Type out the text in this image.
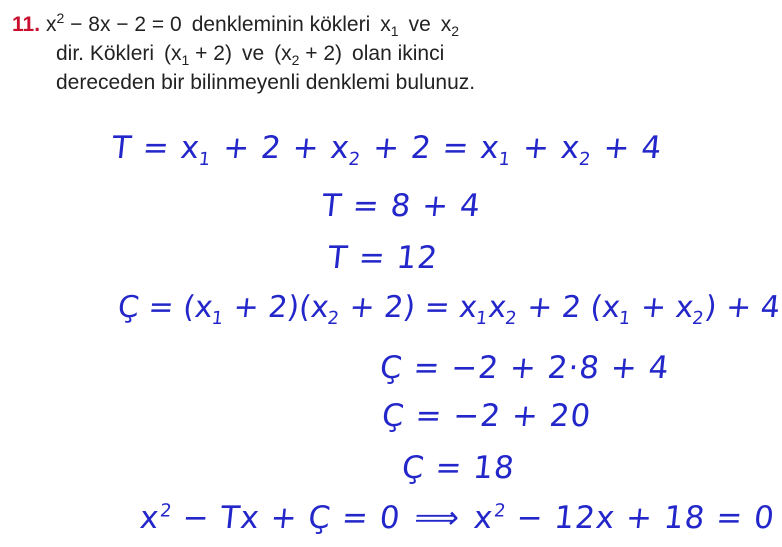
11. $x^2 - 8x - 2 = 0$ denkleminin kökleri $x_1$ ve $x_2$
dir. Kökleri $(x_1 + 2)$ ve $(x_2 + 2)$ olan ikinci
dereceden bir bilinmeyenli denklemi bulunuz.
$T = x_1 + 2 + x_2 + 2 = x_1 + x_2 + 4$
T = 8 + 4
T = 12
Ç = $(x_1 + 2)(x_2 + 2) = x_1x_2 + 2$ $(x_1 + x_2) + 4$
Ç = −2 + 2·8 + 4
Ç = −2 + 20
Ç = 18
$x^2 - Tx$ + Ç = 0 ⟹ $x^2 - 12x + 18 = 0$
